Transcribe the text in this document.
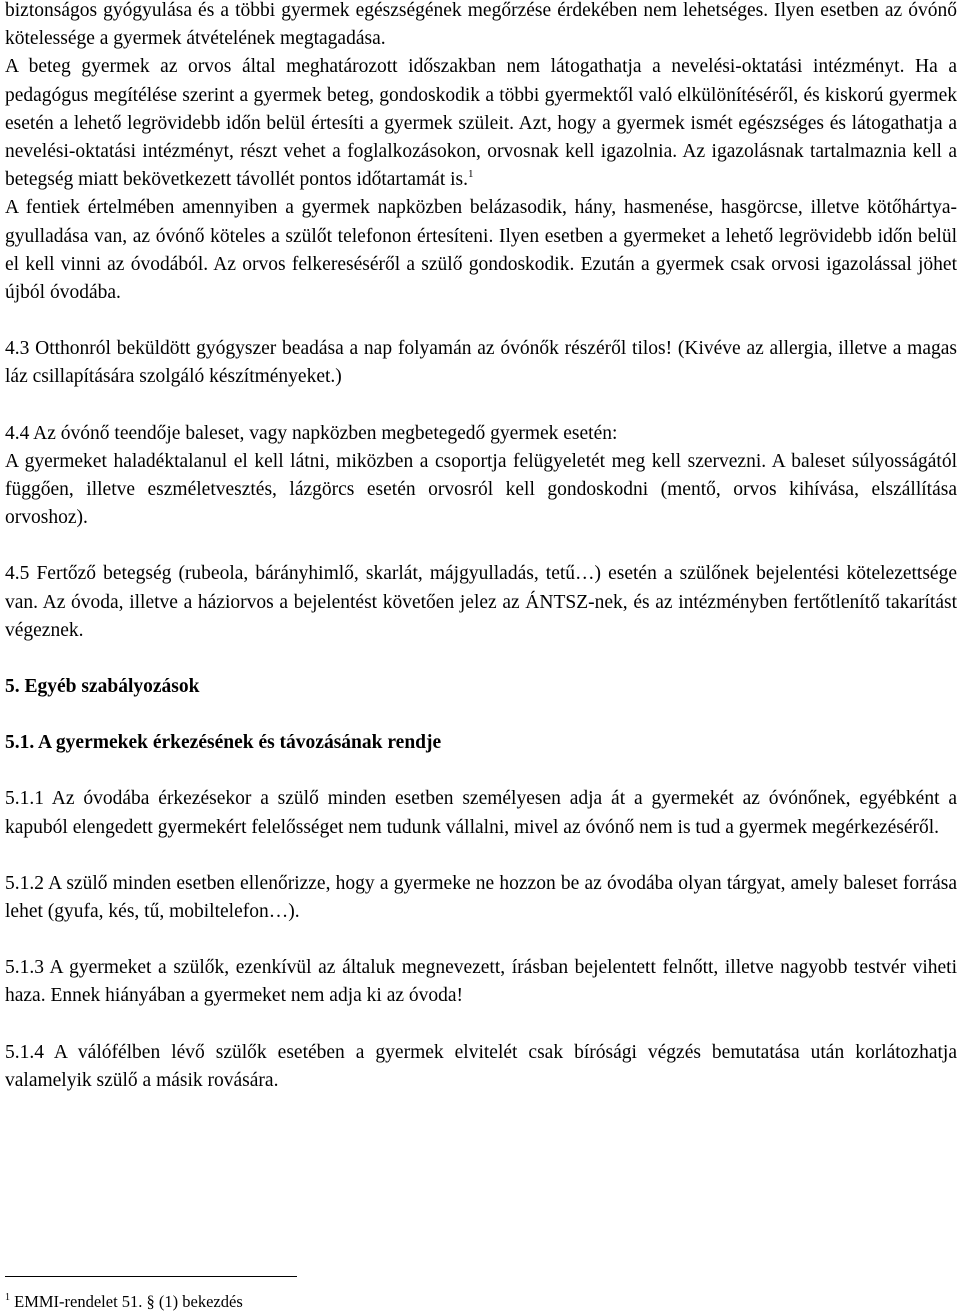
biztonságos gyógyulása és a többi gyermek egészségének megőrzése érdekében nem lehetséges. Ilyen esetben az óvónő kötelessége a gyermek átvételének megtagadása.

A beteg gyermek az orvos által meghatározott időszakban nem látogathatja a nevelési-oktatási intézményt. Ha a pedagógus megítélése szerint a gyermek beteg, gondoskodik a többi gyermektől való elkülönítéséről, és kiskorú gyermek esetén a lehető legrövidebb időn belül értesíti a gyermek szüleit. Azt, hogy a gyermek ismét egészséges és látogathatja a nevelési-oktatási intézményt, részt vehet a foglalkozásokon, orvosnak kell igazolnia. Az igazolásnak tartalmaznia kell a betegség miatt bekövetkezett távollét pontos időtartamát is.$^1$

A fentiek értelmében amennyiben a gyermek napközben belázasodik, hány, hasmenése, hasgörcse, illetve kötőhártya-gyulladása van, az óvónő köteles a szülőt telefonon értesíteni. Ilyen esetben a gyermeket a lehető legrövidebb időn belül el kell vinni az óvodából. Az orvos felkereséséről a szülő gondoskodik. Ezután a gyermek csak orvosi igazolással jöhet újból óvodába.

4.3 Otthonról beküldött gyógyszer beadása a nap folyamán az óvónők részéről tilos! (Kivéve az allergia, illetve a magas láz csillapítására szolgáló készítményeket.)

4.4 Az óvónő teendője baleset, vagy napközben megbetegedő gyermek esetén:

A gyermeket haladéktalanul el kell látni, miközben a csoportja felügyeletét meg kell szervezni. A baleset súlyosságától függően, illetve eszméletvesztés, lázgörcs esetén orvosról kell gondoskodni (mentő, orvos kihívása, elszállítása orvoshoz).

4.5 Fertőző betegség (rubeola, bárányhimlő, skarlát, májgyulladás, tetű…) esetén a szülőnek bejelentési kötelezettsége van. Az óvoda, illetve a háziorvos a bejelentést követően jelez az ÁNTSZ-nek, és az intézményben fertőtlenítő takarítást végeznek.

5. Egyéb szabályozások
5.1. A gyermekek érkezésének és távozásának rendje

5.1.1 Az óvodába érkezésekor a szülő minden esetben személyesen adja át a gyermekét az óvónőnek, egyébként a kapuból elengedett gyermekért felelősséget nem tudunk vállalni, mivel az óvónő nem is tud a gyermek megérkezéséről.

5.1.2 A szülő minden esetben ellenőrizze, hogy a gyermeke ne hozzon be az óvodába olyan tárgyat, amely baleset forrása lehet (gyufa, kés, tű, mobiltelefon…).

5.1.3 A gyermeket a szülők, ezenkívül az általuk megnevezett, írásban bejelentett felnőtt, illetve nagyobb testvér viheti haza. Ennek hiányában a gyermeket nem adja ki az óvoda!

5.1.4 A válófélben lévő szülők esetében a gyermek elvitelét csak bírósági végzés bemutatása után korlátozhatja valamelyik szülő a másik rovására.

$^1$ EMMI-rendelet 51. § (1) bekezdés
